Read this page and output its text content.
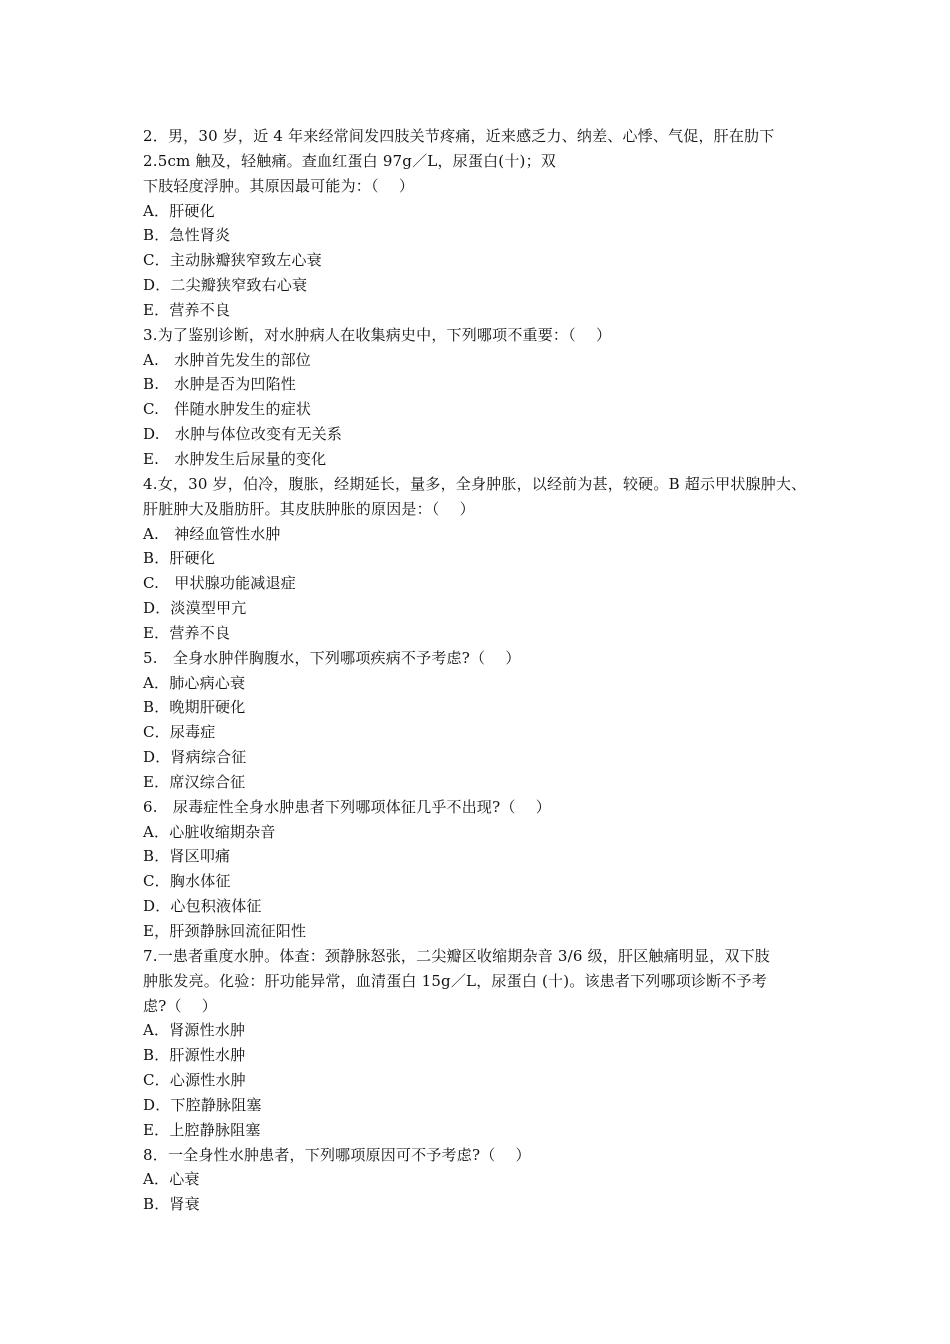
2．男，30 岁，近 4 年来经常间发四肢关节疼痛，近来感乏力、纳差、心悸、气促，肝在肋下
2.5cm 触及，轻触痛。查血红蛋白 97g／L，尿蛋白(十)；双
下肢轻度浮肿。其原因最可能为：（　 ）
A．肝硬化
B．急性肾炎
C．主动脉瓣狭窄致左心衰
D．二尖瓣狭窄致右心衰
E．营养不良
3.为了鉴别诊断，对水肿病人在收集病史中，下列哪项不重要：（　 ）
A.　水肿首先发生的部位
B.　水肿是否为凹陷性
C.　伴随水肿发生的症状
D.　水肿与体位改变有无关系
E.　水肿发生后尿量的变化
4.女，30 岁，伯冷，腹胀，经期延长，量多，全身肿胀，以经前为甚，较硬。B 超示甲状腺肿大、
肝脏肿大及脂肪肝。其皮肤肿胀的原因是：（　 ）
A.　神经血管性水肿
B．肝硬化
C.　甲状腺功能减退症
D．淡漠型甲亢
E．营养不良
5.　全身水肿伴胸腹水，下列哪项疾病不予考虑?（　 ）
A．肺心病心衰
B．晚期肝硬化
C．尿毒症
D．肾病综合征
E．席汉综合征
6.　尿毒症性全身水肿患者下列哪项体征几乎不出现?（　 ）
A．心脏收缩期杂音
B．肾区叩痛
C．胸水体征
D．心包积液体征
E，肝颈静脉回流征阳性
7.一患者重度水肿。体查：颈静脉怒张，二尖瓣区收缩期杂音 3/6 级，肝区触痛明显，双下肢
肿胀发亮。化验：肝功能异常，血清蛋白 15g／L，尿蛋白 (十)。该患者下列哪项诊断不予考
虑?（　 ）
A．肾源性水肿
B．肝源性水肿
C．心源性水肿
D．下腔静脉阻塞
E．上腔静脉阻塞
8．一全身性水肿患者，下列哪项原因可不予考虑?（　 ）
A．心衰
B．肾衰
